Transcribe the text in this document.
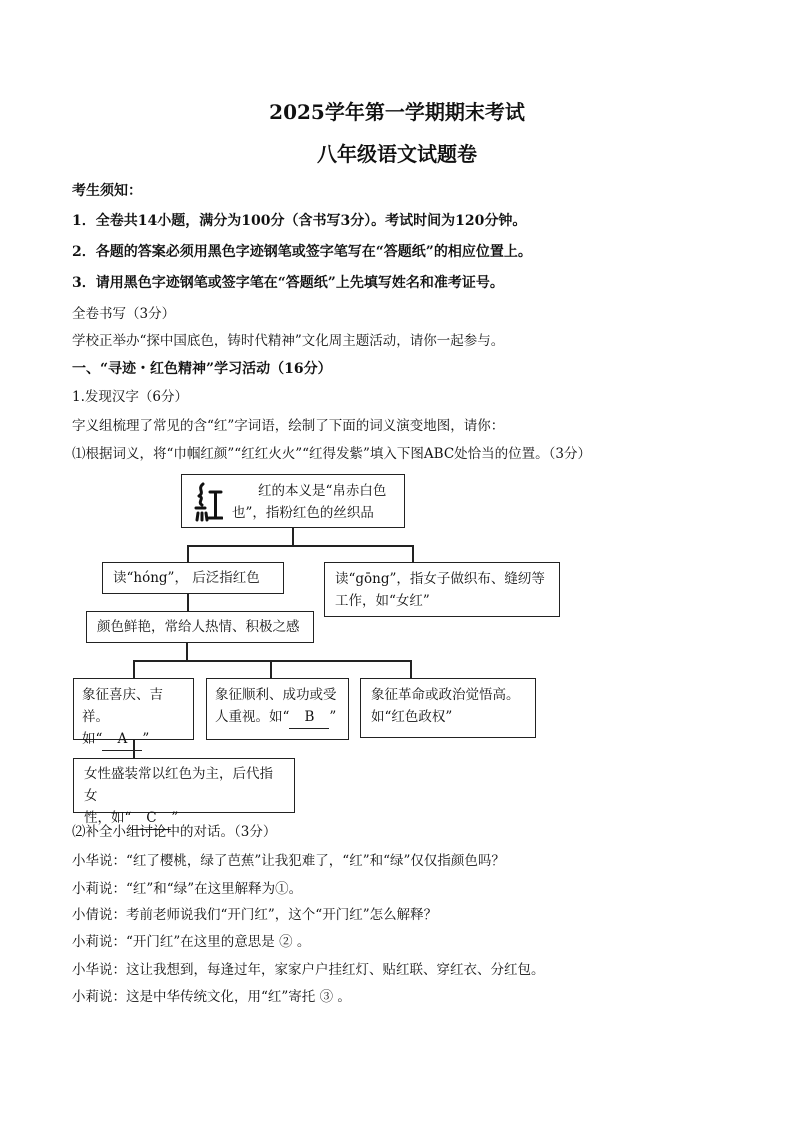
2025学年第一学期期末考试
八年级语文试题卷
考生须知：
1．全卷共14小题，满分为100分（含书写3分）。考试时间为120分钟。
2．各题的答案必须用黑色字迹钢笔或签字笔写在“答题纸”的相应位置上。
3．请用黑色字迹钢笔或签字笔在“答题纸”上先填写姓名和准考证号。
全卷书写（3分）
学校正举办“探中国底色，铸时代精神”文化周主题活动，请你一起参与。
一、“寻迹・红色精神”学习活动（16分）
1.发现汉字（6分）
字义组梳理了常见的含“红”字词语，绘制了下面的词义演变地图，请你：
⑴根据词义，将“巾帼红颜”“红红火火”“红得发紫”填入下图ABC处恰当的位置。（3分）
红的本义是“帛赤白色
也”，指粉红色的丝织品
读“hóng”， 后泛指红色	读“gōng”，指女子做织布、缝纫等
工作，如“女红”
颜色鲜艳，常给人热情、积极之感
象征喜庆、吉祥。
如“ A ”
象征顺利、成功或受
人重视。如“ B ”
象征革命或政治觉悟高。
如“红色政权”
女性盛装常以红色为主，后代指女
性，如“ C ”
⑵补全小组讨论中的对话。（3分）
小华说：“红了樱桃，绿了芭蕉”让我犯难了，“红”和“绿”仅仅指颜色吗？
小莉说：“红”和“绿”在这里解释为①。
小倩说：考前老师说我们“开门红”，这个“开门红”怎么解释？
小莉说：“开门红”在这里的意思是 ② 。
小华说：这让我想到，每逢过年，家家户户挂红灯、贴红联、穿红衣、分红包。
小莉说：这是中华传统文化，用“红”寄托 ③ 。
